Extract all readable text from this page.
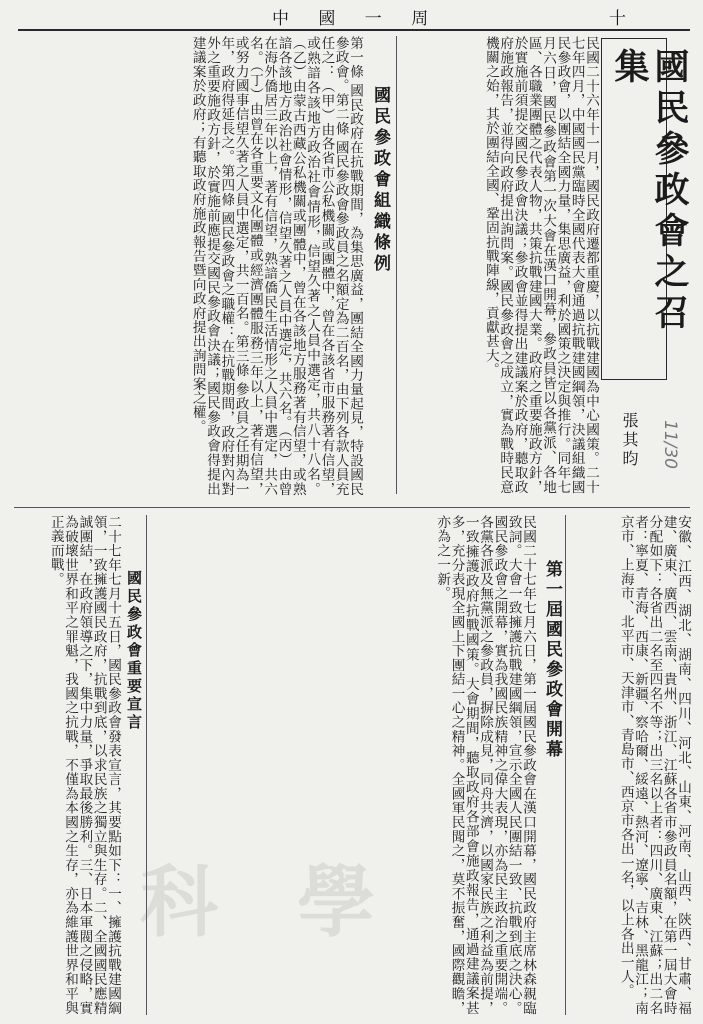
十
中 國 一 周
民國二十六年十一月，國民政府遷都重慶，以抗戰建國為中心國策。二十七年四月，中國國民黨臨時全國代表大會通過抗戰建國綱領，決議組織國民參政會，以團結全國力量，集思廣益，利於國策之決定與推行。同年七月六日，國民參政會第一次大會在漢口開幕，參政員皆以各黨派、各地區、各職業團體之代表人物，共策抗戰建國大業。政府之重要施政方針，於實施前須提交國民參政會決議；參政會並得提出建議案於政府，聽取政府施政報告，並得向政府提出詢問案。國民參政會之成立，實為戰時民意機關之始，其於團結全國、鞏固抗戰陣線，貢獻甚大。	國民參政會之召集
張其昀 11/30
國民參政會組織條例
第一條 國民政府在抗戰期間，為集思廣益，團結全國力量起見，特設國民參政會。第二條 國民參政會參政員之名額定為二百名，由下列各款人員充任之：（甲）由各省市公私機關或團體中，曾在各該省市服務著有信望，或熟諳各該地方政治社會情形，信望久著之人員中選定，共八十八名。（乙）由蒙古西藏公私機關或團體中，曾在各該地方服務著有信望，或熟諳各該地方政治社會情形，信望久著之人員中選定，共六名。（丙）由曾在海外僑居三年以上，著有信望，熟諳僑民生活情形之人員中選定，共六名。（丁）由曾在各重要文化團體或經濟團體服務三年以上，著有信望，或努力國事信望久著之人員中選定，共一百名。第三條 參政員之任期為一年，政府得延長之。第四條 國民參政會之職權：在抗戰期間，政府對內對外之重要施政方針，於實施前應提交國民參政會決議；國民參政會得提出建議案於政府；有聽取政府施政報告暨向政府提出詢問案之權。
安徽、江西、湖北、湖南、四川、河北、山東、河南、山西、陝西、甘肅、福建、廣東、廣西、雲南、貴州、浙江、江蘇各省市參政員名額，在第一屆大會時分配如下：各省出二名至四名不等；出三名以上者：四川、廣東、江蘇；出二名者：寧夏、青海、西康、新疆、察哈爾、綏遠、熱河、遼寧、吉林、黑龍江；南京市、上海市、北平市、天津市、青島市、西京市各出一名，以上各出一人。
第一屆國民參政會開幕
民國二十七年七月六日，第一屆國民參政會在漢口開幕，國民政府主席林森親臨致詞。大會一致擁護抗戰建國綱領，宣示全國人民團結一致、抗戰到底之決心。國民參政會之開幕，實為我國民族精神之偉大表現，亦為民主政治之重要開端。各黨各派及無黨派之參政員，摒除成見，同舟共濟，以國家民族之利益為前提，一致擁護政府抗戰國策。大會期間，聽取政府各部會施政報告，通過建議案甚多，充分表現全國上下團結一心之精神。全國軍民聞之，莫不振奮，國際觀瞻，亦為之一新。
國民參政會重要宣言
二十七年七月十五日，國民參政會發表宣言，其要點如下：一、擁護抗戰建國綱領，一致擁護國民政府，抗戰到底，以求民族之獨立與生存。二、全國國民應精誠團結，在政府領導之下，集中力量，爭取最後勝利。三、日本軍閥之侵略，實為破壞世界和平之罪魁，我國之抗戰，不僅為本國之生存，亦為維護世界和平與正義而戰。
科 學
